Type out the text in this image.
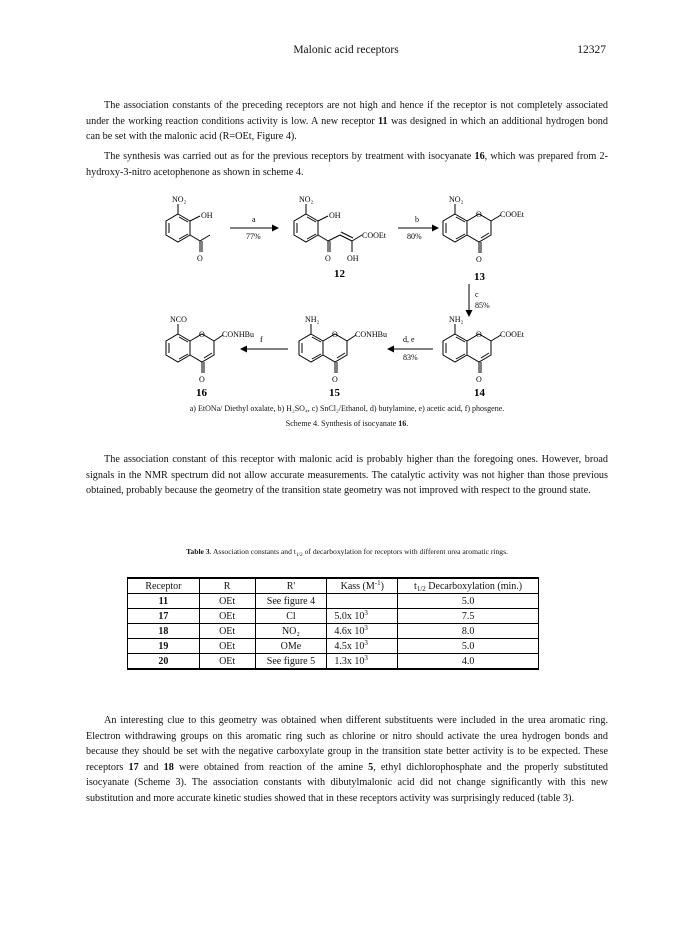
Malonic acid receptors	12327

The association constants of the preceding receptors are not high and hence if the receptor is not completely associated under the working reaction conditions activity is low. A new receptor 11 was designed in which an additional hydrogen bond can be set with the malonic acid (R=OEt, Figure 4).

The synthesis was carried out as for the previous receptors by treatment with isocyanate 16, which was prepared from 2-hydroxy-3-nitro acetophenone as shown in scheme 4.

NO₂
OH
O
a
77%
NO₂
OH
COOEt
O OH
12
b
80%
NO₂
O COOEt
O
13
c
85%
NH₂
O COOEt
O
14
d, e
83%
NH₂
O CONHBu
O
15
f
NCO
O CONHBu
O
16
a) EtONa/ Diethyl oxalate, b) H₂SO₄, c) SnCl₂/Ethanol, d) butylamine, e) acetic acid, f) phosgene.
Scheme 4. Synthesis of isocyanate 16.

The association constant of this receptor with malonic acid is probably higher than the foregoing ones. However, broad signals in the NMR spectrum did not allow accurate measurements. The catalytic activity was not higher than those previous obtained, probably because the geometry of the transition state geometry was not improved with respect to the ground state.

Table 3. Association constants and $t_{1/2}$ of decarboxylation for receptors with different urea aromatic rings.
Receptor	R	R'	Kass $(M^{-1})$	$t_{1/2}$ Decarboxylation (min.)
11	OEt	See figure 4		5.0
17	OEt	Cl	5.0x $10^3$	7.5
18	OEt	NO₂	4.6x $10^3$	8.0
19	OEt	OMe	4.5x $10^3$	5.0
20	OEt	See figure 5	1.3x $10^3$	4.0

An interesting clue to this geometry was obtained when different substituents were included in the urea aromatic ring. Electron withdrawing groups on this aromatic ring such as chlorine or nitro should activate the urea hydrogen bonds and because they should be set with the negative carboxylate group in the transition state better activity is to be expected. These receptors 17 and 18 were obtained from reaction of the amine 5, ethyl dichlorophosphate and the properly substituted isocyanate (Scheme 3). The association constants with dibutylmalonic acid did not change significantly with this new substitution and more accurate kinetic studies showed that in these receptors activity was surprisingly reduced (table 3).
